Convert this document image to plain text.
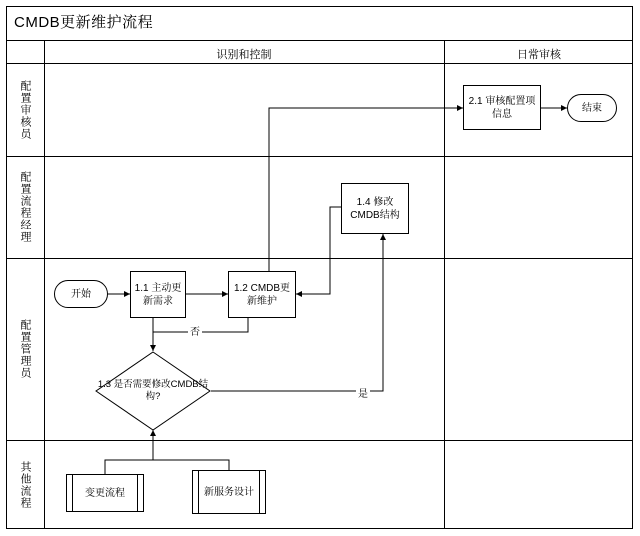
CMDB更新维护流程
识别和控制	日常审核
配置审核员
配置流程经理
配置管理员
其他流程
开始
1.1 主动更新需求
1.2 CMDB更新维护
1.3 是否需要修改CMDB结构?
1.4 修改CMDB结构
2.1 审核配置项信息
结束
变更流程	新服务设计
否
是
